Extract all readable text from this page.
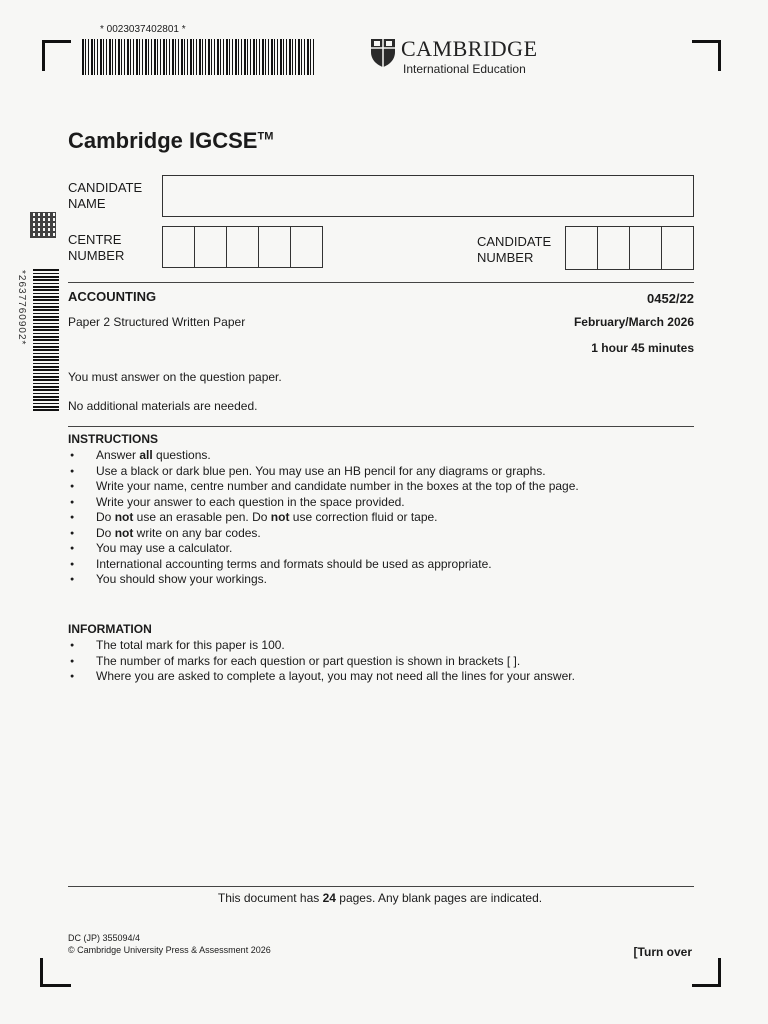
* 0023037402801 *
CAMBRIDGE
International Education
Cambridge IGCSE™
*2637760902*
CANDIDATE
NAME
CENTRE
NUMBER
CANDIDATE
NUMBER
ACCOUNTING	0452/22
Paper 2 Structured Written Paper	February/March 2026
1 hour 45 minutes
You must answer on the question paper.
No additional materials are needed.
INSTRUCTIONS
● Answer all questions.
● Use a black or dark blue pen. You may use an HB pencil for any diagrams or graphs.
● Write your name, centre number and candidate number in the boxes at the top of the page.
● Write your answer to each question in the space provided.
● Do not use an erasable pen. Do not use correction fluid or tape.
● Do not write on any bar codes.
● You may use a calculator.
● International accounting terms and formats should be used as appropriate.
● You should show your workings.
INFORMATION
● The total mark for this paper is 100.
● The number of marks for each question or part question is shown in brackets [ ].
● Where you are asked to complete a layout, you may not need all the lines for your answer.
This document has 24 pages. Any blank pages are indicated.
DC (JP) 355094/4
© Cambridge University Press & Assessment 2026	[Turn over
